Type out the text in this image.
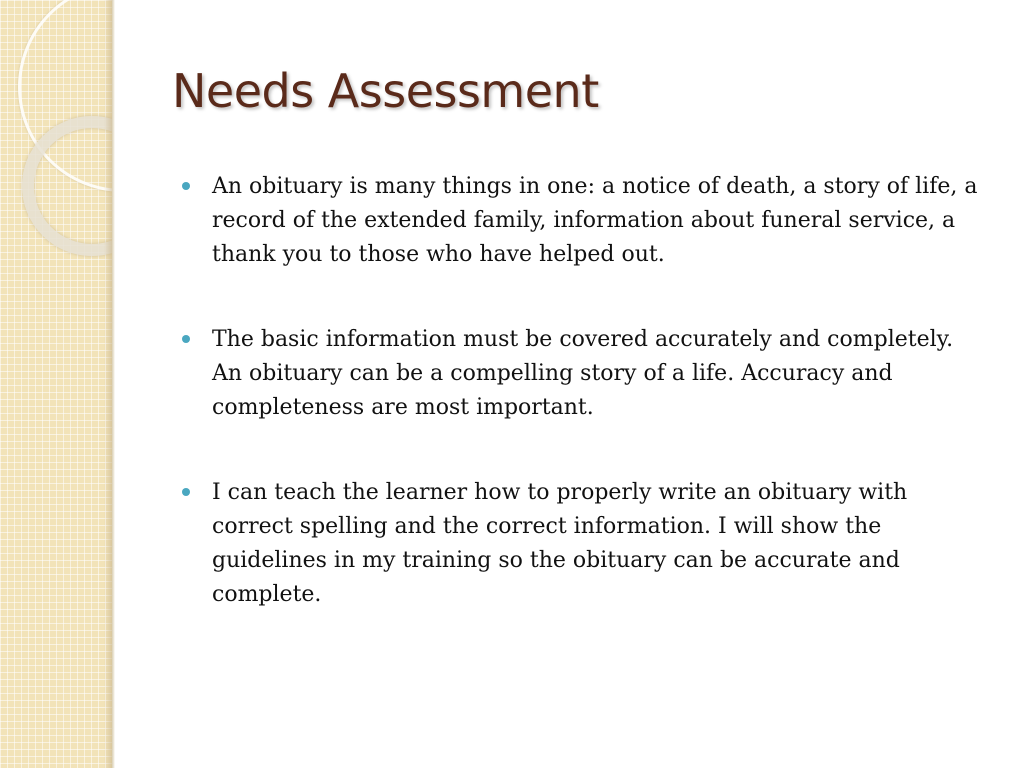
Needs Assessment
An obituary is many things in one: a notice of death, a story of life, a record of the extended family, information about funeral service, a thank you to those who have helped out.
The basic information must be covered accurately and completely. An obituary can be a compelling story of a life. Accuracy and completeness are most important.
I can teach the learner how to properly write an obituary with correct spelling and the correct information. I will show the guidelines in my training so the obituary can be accurate and complete.
